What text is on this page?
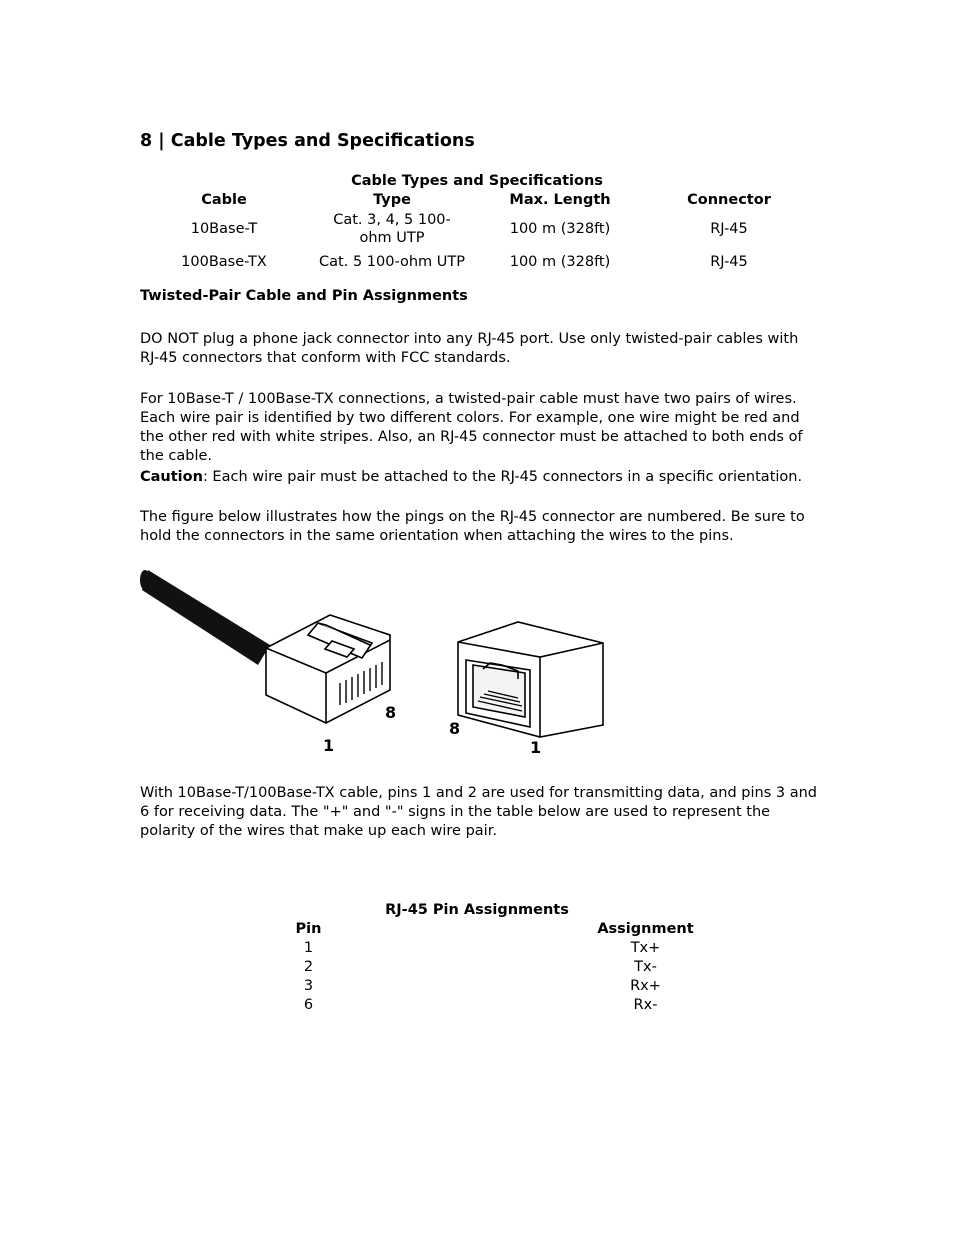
8 | Cable Types and Specifications
Cable Types and Specifications
Cable	Type	Max. Length	Connector
10Base-T	Cat. 3, 4, 5 100-ohm UTP	100 m (328ft)	RJ-45
100Base-TX	Cat. 5 100-ohm UTP	100 m (328ft)	RJ-45
Twisted-Pair Cable and Pin Assignments

DO NOT plug a phone jack connector into any RJ-45 port. Use only twisted-pair cables with RJ-45 connectors that conform with FCC standards.

For 10Base-T / 100Base-TX connections, a twisted-pair cable must have two pairs of wires. Each wire pair is identified by two different colors. For example, one wire might be red and the other red with white stripes. Also, an RJ-45 connector must be attached to both ends of the cable.

Caution: Each wire pair must be attached to the RJ-45 connectors in a specific orientation.

The figure below illustrates how the pings on the RJ-45 connector are numbered. Be sure to hold the connectors in the same orientation when attaching the wires to the pins.

1
8
8
1

With 10Base-T/100Base-TX cable, pins 1 and 2 are used for transmitting data, and pins 3 and 6 for receiving data. The "+" and "-" signs in the table below are used to represent the polarity of the wires that make up each wire pair.

RJ-45 Pin Assignments
Pin	Assignment
1	Tx+
2	Tx-
3	Rx+
6	Rx-
